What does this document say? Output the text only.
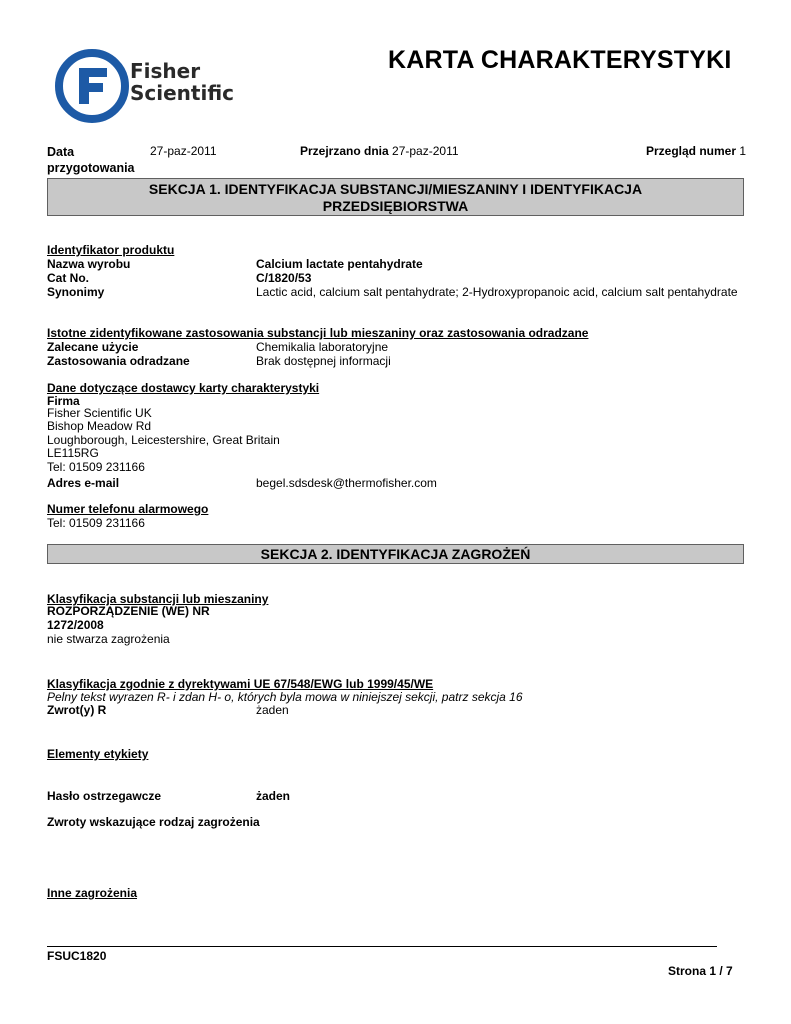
Fisher
Scientific
KARTA CHARAKTERYSTYKI
Data
przygotowania
27-paz-2011	Przejrzano dnia 27-paz-2011	Przegląd numer 1
SEKCJA 1. IDENTYFIKACJA SUBSTANCJI/MIESZANINY I IDENTYFIKACJA
PRZEDSIĘBIORSTWA
Identyfikator produktu
Nazwa wyrobu	Calcium lactate pentahydrate
Cat No.	C/1820/53
Synonimy	Lactic acid, calcium salt pentahydrate; 2-Hydroxypropanoic acid, calcium salt pentahydrate
Istotne zidentyfikowane zastosowania substancji lub mieszaniny oraz zastosowania odradzane
Zalecane użycie	Chemikalia laboratoryjne
Zastosowania odradzane	Brak dostępnej informacji
Dane dotyczące dostawcy karty charakterystyki
Firma
Fisher Scientific UK
Bishop Meadow Rd
Loughborough, Leicestershire, Great Britain
LE115RG
Tel: 01509 231166
Adres e-mail	begel.sdsdesk@thermofisher.com
Numer telefonu alarmowego
Tel: 01509 231166
SEKCJA 2. IDENTYFIKACJA ZAGROŻEŃ
Klasyfikacja substancji lub mieszaniny
ROZPORZĄDZENIE (WE) NR
1272/2008
nie stwarza zagrożenia
Klasyfikacja zgodnie z dyrektywami UE 67/548/EWG lub 1999/45/WE
Pelny tekst wyrazen R- i zdan H- o, których byla mowa w niniejszej sekcji, patrz sekcja 16
Zwrot(y) R	żaden
Elementy etykiety
Hasło ostrzegawcze	żaden
Zwroty wskazujące rodzaj zagrożenia
Inne zagrożenia
FSUC1820
Strona 1 / 7
